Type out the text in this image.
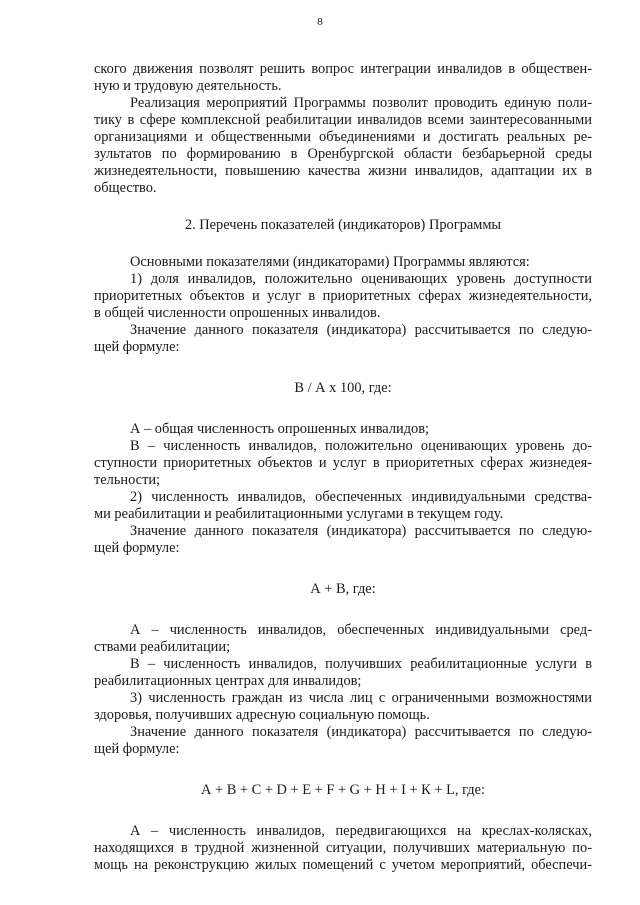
8
ского движения позволят решить вопрос интеграции инвалидов в обществен-
ную и трудовую деятельность.
Реализация мероприятий Программы позволит проводить единую поли-
тику в сфере комплексной реабилитации инвалидов всеми заинтересованными
организациями и общественными объединениями и достигать реальных ре-
зультатов по формированию в Оренбургской области безбарьерной среды
жизнедеятельности, повышению качества жизни инвалидов, адаптации их в
общество.
2. Перечень показателей (индикаторов) Программы
Основными показателями (индикаторами) Программы являются:
1) доля инвалидов, положительно оценивающих уровень доступности
приоритетных объектов и услуг в приоритетных сферах жизнедеятельности,
в общей численности опрошенных инвалидов.
Значение данного показателя (индикатора) рассчитывается по следую-
щей формуле:
В / А х 100, где:
А – общая численность опрошенных инвалидов;
В – численность инвалидов, положительно оценивающих уровень до-
ступности приоритетных объектов и услуг в приоритетных сферах жизнедея-
тельности;
2) численность инвалидов, обеспеченных индивидуальными средства-
ми реабилитации и реабилитационными услугами в текущем году.
Значение данного показателя (индикатора) рассчитывается по следую-
щей формуле:
А + В, где:
А – численность инвалидов, обеспеченных индивидуальными сред-
ствами реабилитации;
В – численность инвалидов, получивших реабилитационные услуги в
реабилитационных центрах для инвалидов;
3) численность граждан из числа лиц с ограниченными возможностями
здоровья, получивших адресную социальную помощь.
Значение данного показателя (индикатора) рассчитывается по следую-
щей формуле:
А + В + С + D + Е + F + G + Н + I + К + L, где:
А – численность инвалидов, передвигающихся на креслах-колясках,
находящихся в трудной жизненной ситуации, получивших материальную по-
мощь на реконструкцию жилых помещений с учетом мероприятий, обеспечи-
